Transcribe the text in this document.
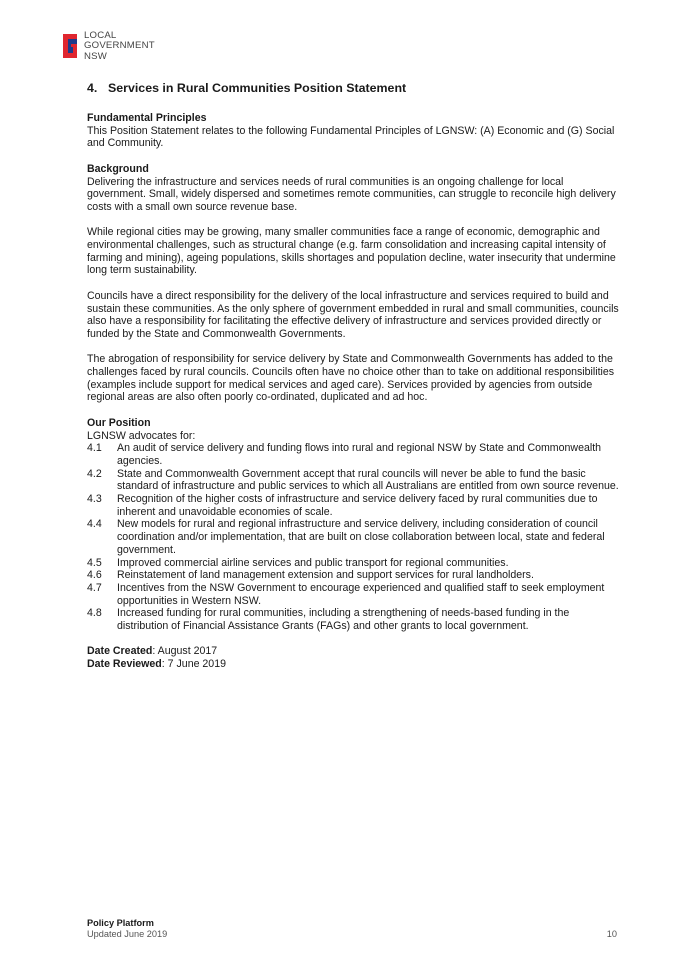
LOCAL
GOVERNMENT
NSW
4. Services in Rural Communities Position Statement

Fundamental Principles

This Position Statement relates to the following Fundamental Principles of LGNSW: (A) Economic and (G) Social and Community.

Background

Delivering the infrastructure and services needs of rural communities is an ongoing challenge for local government. Small, widely dispersed and sometimes remote communities, can struggle to reconcile high delivery costs with a small own source revenue base.

While regional cities may be growing, many smaller communities face a range of economic, demographic and environmental challenges, such as structural change (e.g. farm consolidation and increasing capital intensity of farming and mining), ageing populations, skills shortages and population decline, water insecurity that undermine long term sustainability.

Councils have a direct responsibility for the delivery of the local infrastructure and services required to build and sustain these communities. As the only sphere of government embedded in rural and small communities, councils also have a responsibility for facilitating the effective delivery of infrastructure and services provided directly or funded by the State and Commonwealth Governments.

The abrogation of responsibility for service delivery by State and Commonwealth Governments has added to the challenges faced by rural councils. Councils often have no choice other than to take on additional responsibilities (examples include support for medical services and aged care). Services provided by agencies from outside regional areas are also often poorly co-ordinated, duplicated and ad hoc.

Our Position

LGNSW advocates for:

4.1	An audit of service delivery and funding flows into rural and regional NSW by State and Commonwealth agencies.
4.2	State and Commonwealth Government accept that rural councils will never be able to fund the basic standard of infrastructure and public services to which all Australians are entitled from own source revenue.
4.3	Recognition of the higher costs of infrastructure and service delivery faced by rural communities due to inherent and unavoidable economies of scale.
4.4	New models for rural and regional infrastructure and service delivery, including consideration of council coordination and/or implementation, that are built on close collaboration between local, state and federal government.
4.5	Improved commercial airline services and public transport for regional communities.
4.6	Reinstatement of land management extension and support services for rural landholders.
4.7	Incentives from the NSW Government to encourage experienced and qualified staff to seek employment opportunities in Western NSW.
4.8	Increased funding for rural communities, including a strengthening of needs-based funding in the distribution of Financial Assistance Grants (FAGs) and other grants to local government.

Date Created: August 2017

Date Reviewed: 7 June 2019

Policy Platform
Updated June 2019	10
